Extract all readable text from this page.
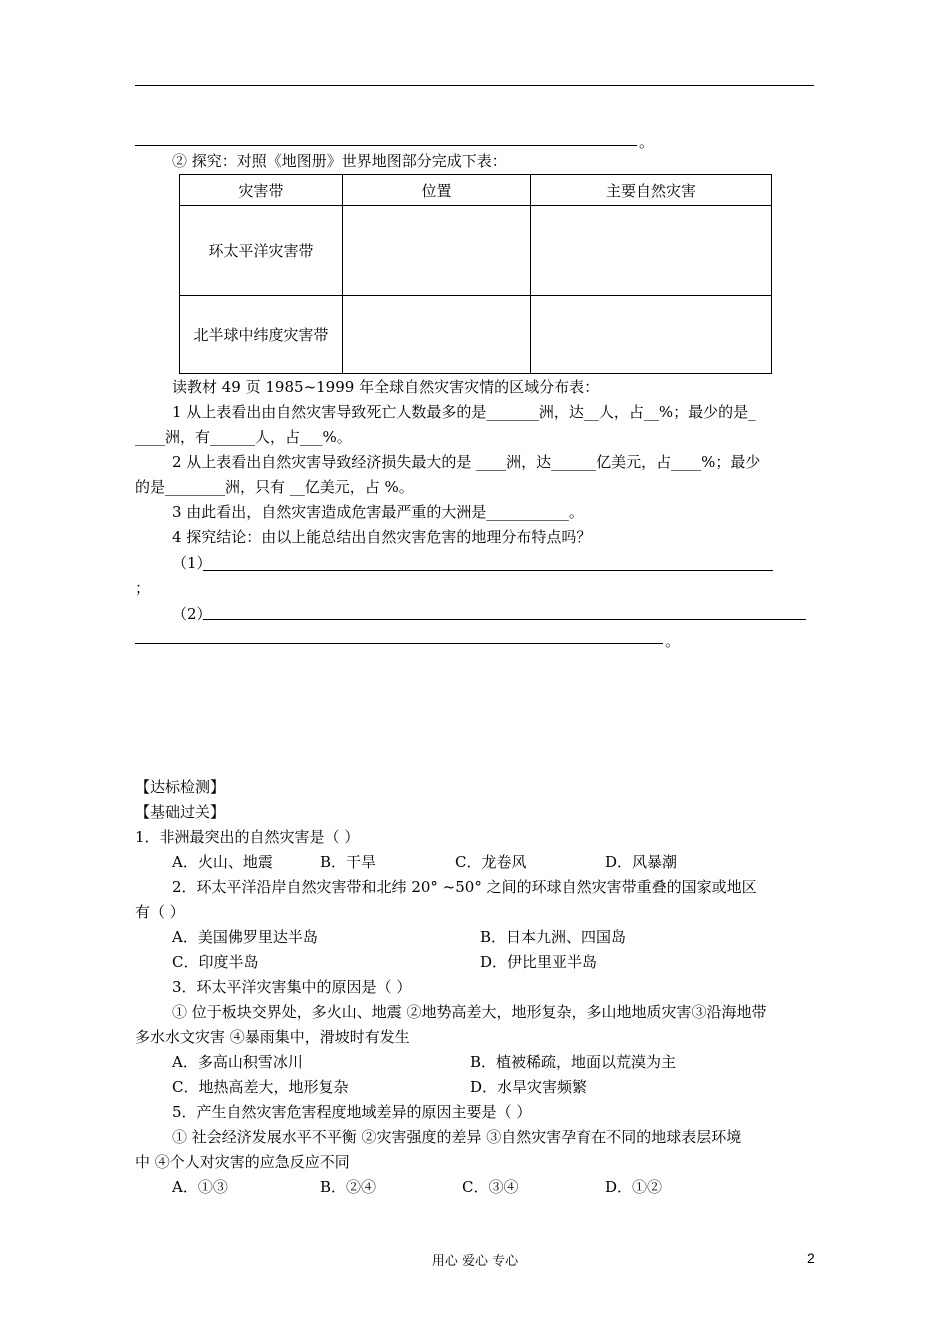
。
② 探究：对照《地图册》世界地图部分完成下表：
灾害带	位置	主要自然灾害
环太平洋灾害带		
北半球中纬度灾害带		
读教材 49 页 1985~1999 年全球自然灾害灾情的区域分布表：
1 从上表看出由自然灾害导致死亡人数最多的是_______洲，达__人，占__%；最少的是_
____洲，有______人，占___%。
2 从上表看出自然灾害导致经济损失最大的是 ____洲，达______亿美元，占____%；最少
的是________洲，只有 __亿美元，占 %。
3 由此看出，自然灾害造成危害最严重的大洲是___________。
4 探究结论：由以上能总结出自然灾害危害的地理分布特点吗？
（1）
；
（2）
。
【达标检测】
【基础过关】
1．非洲最突出的自然灾害是（ ）
A．火山、地震	B．干旱	C．龙卷风	D．风暴潮
2．环太平洋沿岸自然灾害带和北纬 20° ~50° 之间的环球自然灾害带重叠的国家或地区
有（ ）
A．美国佛罗里达半岛	B．日本九洲、四国岛
C．印度半岛	D．伊比里亚半岛
3．环太平洋灾害集中的原因是（ ）
① 位于板块交界处，多火山、地震 ②地势高差大，地形复杂，多山地地质灾害③沿海地带
多水水文灾害 ④暴雨集中，滑坡时有发生
A．多高山积雪冰川	B．植被稀疏，地面以荒漠为主
C．地热高差大，地形复杂	D．水旱灾害频繁
5．产生自然灾害危害程度地域差异的原因主要是（ ）
① 社会经济发展水平不平衡 ②灾害强度的差异 ③自然灾害孕育在不同的地球表层环境
中 ④个人对灾害的应急反应不同
A．①③	B．②④	C．③④	D．①②
用心 爱心 专心	2
